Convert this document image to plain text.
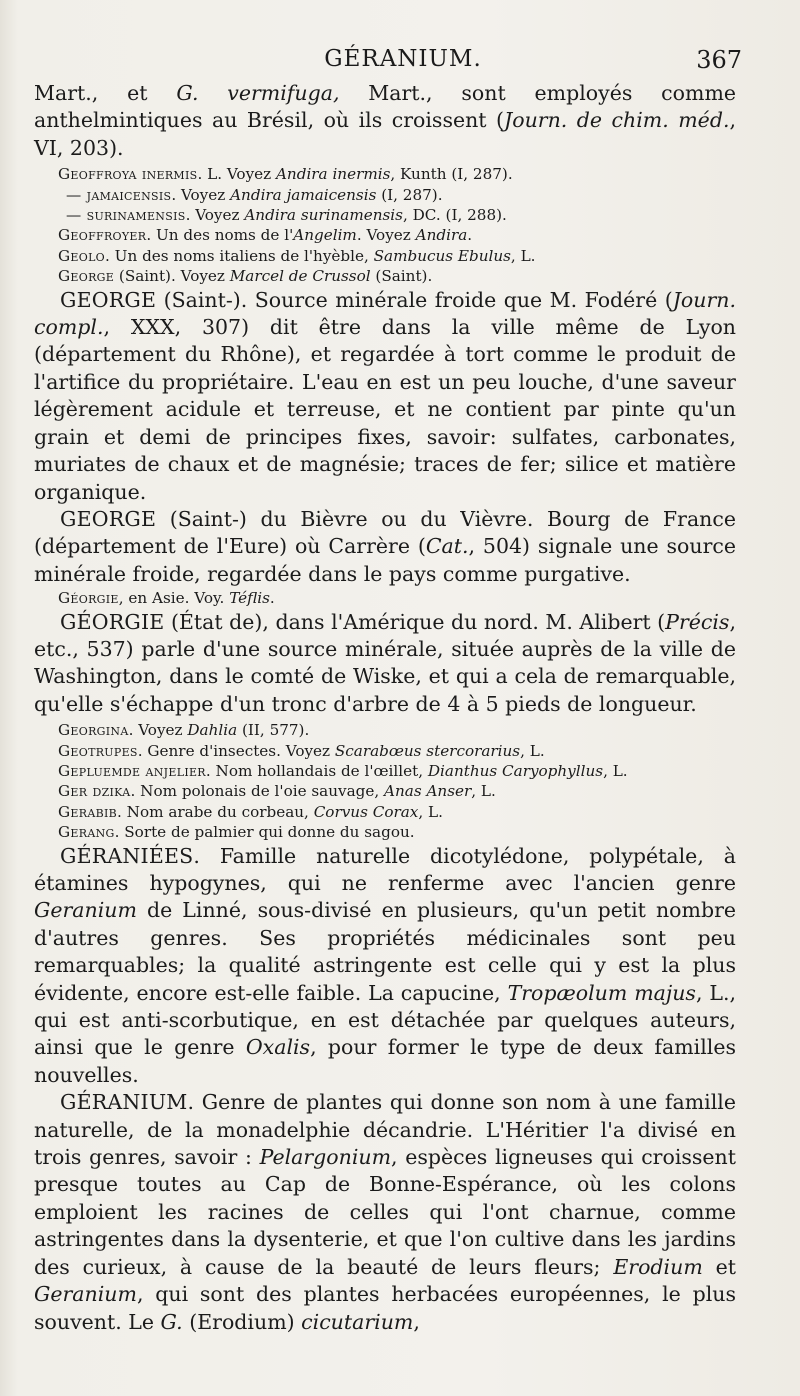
GÉRANIUM.	367

Mart., et G. vermifuga, Mart., sont employés comme anthelmintiques au Brésil, où ils croissent (Journ. de chim. méd., VI, 203).

Geoffroya inermis. L. Voyez Andira inermis, Kunth (I, 287).

— jamaicensis. Voyez Andira jamaicensis (I, 287).

— surinamensis. Voyez Andira surinamensis, DC. (I, 288).

Geoffroyer. Un des noms de l'Angelim. Voyez Andira.

Geolo. Un des noms italiens de l'hyèble, Sambucus Ebulus, L.

George (Saint). Voyez Marcel de Crussol (Saint).

GEORGE (Saint-). Source minérale froide que M. Fodéré (Journ. compl., XXX, 307) dit être dans la ville même de Lyon (département du Rhône), et regardée à tort comme le produit de l'artifice du propriétaire. L'eau en est un peu louche, d'une saveur légèrement acidule et terreuse, et ne contient par pinte qu'un grain et demi de principes fixes, savoir: sulfates, carbonates, muriates de chaux et de magnésie; traces de fer; silice et matière organique.

GEORGE (Saint-) du Bièvre ou du Vièvre. Bourg de France (département de l'Eure) où Carrère (Cat., 504) signale une source minérale froide, regardée dans le pays comme purgative.

Géorgie, en Asie. Voy. Téflis.

GÉORGIE (État de), dans l'Amérique du nord. M. Alibert (Précis, etc., 537) parle d'une source minérale, située auprès de la ville de Washington, dans le comté de Wiske, et qui a cela de remarquable, qu'elle s'échappe d'un tronc d'arbre de 4 à 5 pieds de longueur.

Georgina. Voyez Dahlia (II, 577).

Geotrupes. Genre d'insectes. Voyez Scarabœus stercorarius, L.

Gepluemde anjelier. Nom hollandais de l'œillet, Dianthus Caryophyllus, L.

Ger dzika. Nom polonais de l'oie sauvage, Anas Anser, L.

Gerabib. Nom arabe du corbeau, Corvus Corax, L.

Gerang. Sorte de palmier qui donne du sagou.

GÉRANIÉES. Famille naturelle dicotylédone, polypétale, à étamines hypogynes, qui ne renferme avec l'ancien genre Geranium de Linné, sous-divisé en plusieurs, qu'un petit nombre d'autres genres. Ses propriétés médicinales sont peu remarquables; la qualité astringente est celle qui y est la plus évidente, encore est-elle faible. La capucine, Tropæolum majus, L., qui est anti-scorbutique, en est détachée par quelques auteurs, ainsi que le genre Oxalis, pour former le type de deux familles nouvelles.

GÉRANIUM. Genre de plantes qui donne son nom à une famille naturelle, de la monadelphie décandrie. L'Héritier l'a divisé en trois genres, savoir : Pelargonium, espèces ligneuses qui croissent presque toutes au Cap de Bonne-Espérance, où les colons emploient les racines de celles qui l'ont charnue, comme astringentes dans la dysenterie, et que l'on cultive dans les jardins des curieux, à cause de la beauté de leurs fleurs; Erodium et Geranium, qui sont des plantes herbacées européennes, le plus souvent. Le G. (Erodium) cicutarium,
